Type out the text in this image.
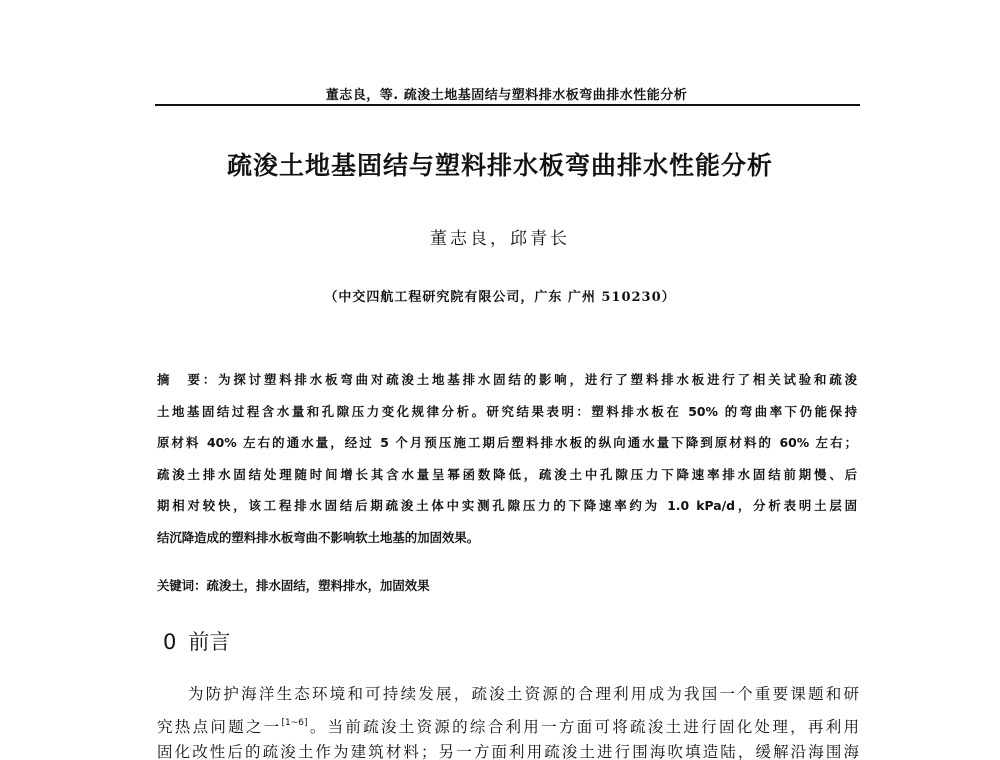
董志良，等. 疏浚土地基固结与塑料排水板弯曲排水性能分析
疏浚土地基固结与塑料排水板弯曲排水性能分析
董志良，邱青长
（中交四航工程研究院有限公司，广东 广州 510230）
摘　要：为探讨塑料排水板弯曲对疏浚土地基排水固结的影响，进行了塑料排水板进行了相关试验和疏浚
土地基固结过程含水量和孔隙压力变化规律分析。研究结果表明：塑料排水板在 50% 的弯曲率下仍能保持
原材料 40% 左右的通水量，经过 5 个月预压施工期后塑料排水板的纵向通水量下降到原材料的 60% 左右；
疏浚土排水固结处理随时间增长其含水量呈幂函数降低，疏浚土中孔隙压力下降速率排水固结前期慢、后
期相对较快，该工程排水固结后期疏浚土体中实测孔隙压力的下降速率约为 1.0 kPa/d，分析表明土层固
结沉降造成的塑料排水板弯曲不影响软土地基的加固效果。
关键词：疏浚土，排水固结，塑料排水，加固效果
0 前言
为防护海洋生态环境和可持续发展，疏浚土资源的合理利用成为我国一个重要课题和研
究热点问题之一[1~6]。当前疏浚土资源的综合利用一方面可将疏浚土进行固化处理，再利用
固化改性后的疏浚土作为建筑材料；另一方面利用疏浚土进行围海吹填造陆，缓解沿海围海
